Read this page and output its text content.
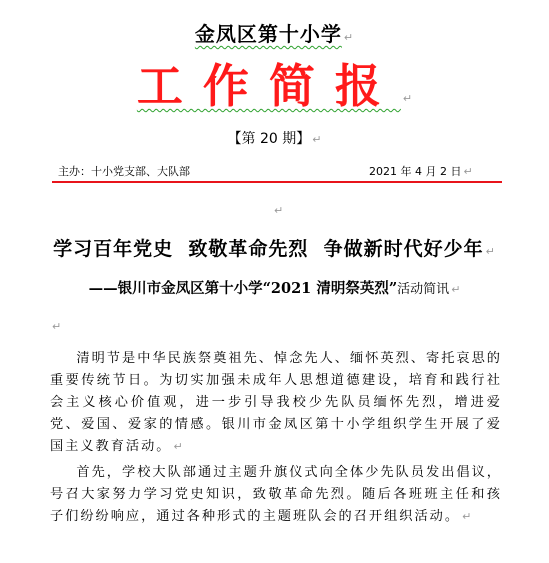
金凤区第十小学 ↵
工作简报 ↵
【第 20 期】 ↵
主办：十小党支部、大队部	2021 年 4 月 2 日 ↵
↵
学习百年党史  致敬革命先烈  争做新时代好少年 ↵
——银川市金凤区第十小学“2021 清明祭英烈”活动简讯 ↵
↵

清明节是中华民族祭奠祖先、悼念先人、缅怀英烈、寄托哀思的重要传统节日。为切实加强未成年人思想道德建设，培育和践行社会主义核心价值观，进一步引导我校少先队员缅怀先烈，增进爱党、爱国、爱家的情感。银川市金凤区第十小学组织学生开展了爱国主义教育活动。 ↵

首先，学校大队部通过主题升旗仪式向全体少先队员发出倡议，号召大家努力学习党史知识，致敬革命先烈。随后各班班主任和孩子们纷纷响应，通过各种形式的主题班队会的召开组织活动。 ↵
